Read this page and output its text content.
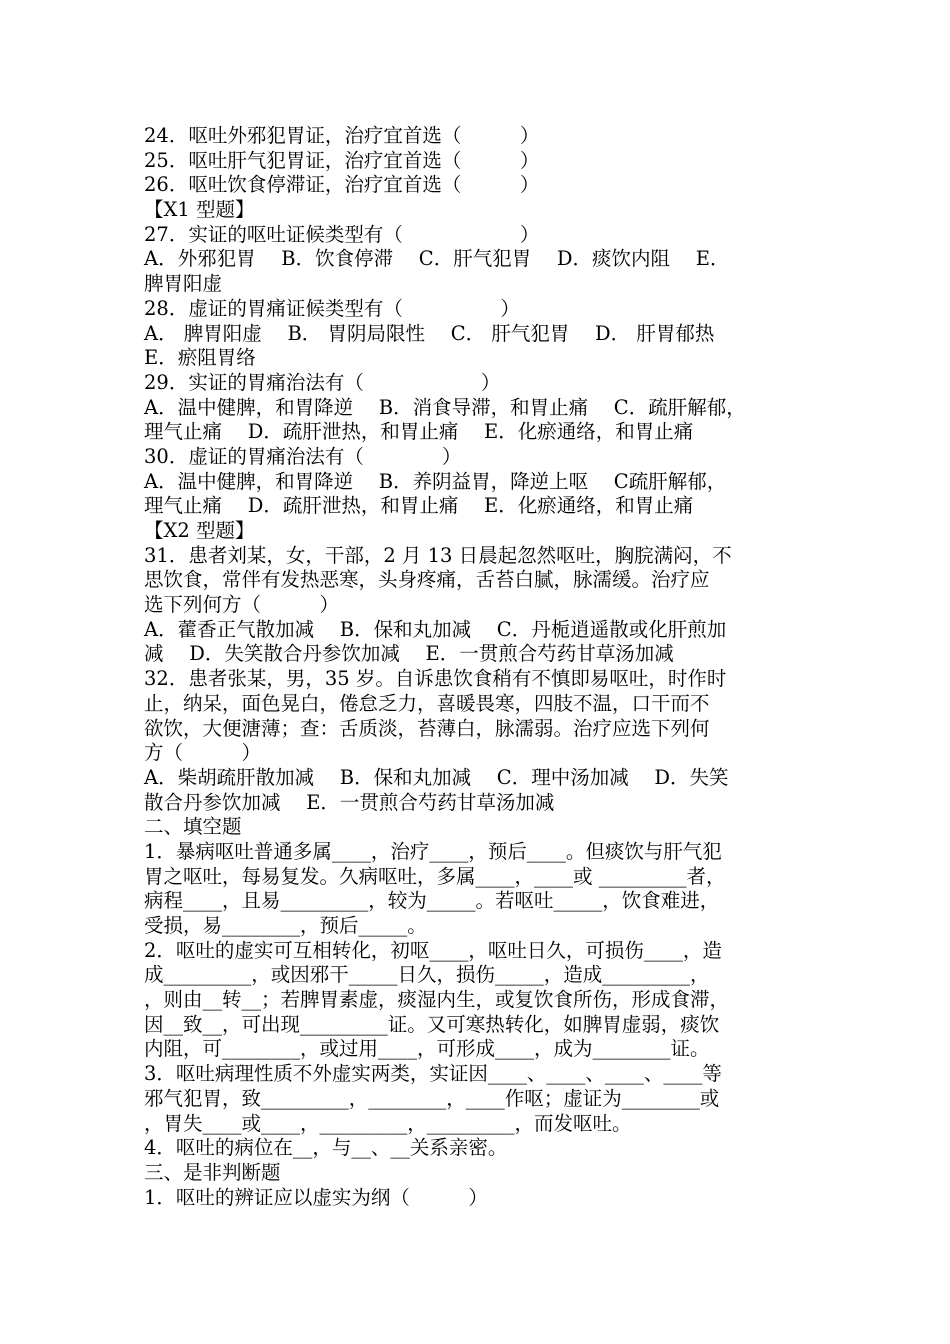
24．呕吐外邪犯胃证，治疗宜首选（　　　）
25．呕吐肝气犯胃证，治疗宜首选（　　　）
26．呕吐饮食停滞证，治疗宜首选（　　　）
【X1 型题】
27．实证的呕吐证候类型有（　　　　　　）
A．外邪犯胃　 B．饮食停滞　 C．肝气犯胃　 D．痰饮内阻　 E．
脾胃阳虚
28．虚证的胃痛证候类型有（　　　　　）
A． 脾胃阳虚　 B． 胃阴局限性　 C． 肝气犯胃　 D． 肝胃郁热
E．瘀阻胃络
29．实证的胃痛治法有（　　　　　　）
A．温中健脾，和胃降逆　 B．消食导滞，和胃止痛　 C．疏肝解郁，
理气止痛　 D．疏肝泄热，和胃止痛　 E．化瘀通络，和胃止痛
30．虚证的胃痛治法有（　　　　）
A．温中健脾，和胃降逆　 B．养阴益胃，降逆上呕　 C疏肝解郁，
理气止痛　 D．疏肝泄热，和胃止痛　 E．化瘀通络，和胃止痛
【X2 型题】
31．患者刘某，女，干部，2 月 13 日晨起忽然呕吐，胸脘满闷，不
思饮食，常伴有发热恶寒，头身疼痛，舌苔白腻，脉濡缓。治疗应
选下列何方（　　　）
A．藿香正气散加减　 B．保和丸加减　 C．丹栀逍遥散或化肝煎加
减　 D．失笑散合丹参饮加减　 E．一贯煎合芍药甘草汤加减
32．患者张某，男，35 岁。自诉患饮食稍有不慎即易呕吐，时作时
止，纳呆，面色晃白，倦怠乏力，喜暖畏寒，四肢不温，口干而不
欲饮，大便溏薄；查：舌质淡，苔薄白，脉濡弱。治疗应选下列何
方（　　　）
A．柴胡疏肝散加减　 B．保和丸加减　 C．理中汤加减　 D．失笑
散合丹参饮加减　 E．一贯煎合芍药甘草汤加减
二、填空题
1．暴病呕吐普通多属____，治疗____，预后____。但痰饮与肝气犯
胃之呕吐，每易复发。久病呕吐，多属____，____或 _________者，
病程____，且易_________，较为_____。若呕吐_____，饮食难进，
受损，易________，预后_____。
2．呕吐的虚实可互相转化，初呕____，呕吐日久，可损伤____，造
成_________，或因邪干_____日久，损伤_____，造成_________，
，则由__转__；若脾胃素虚，痰湿内生，或复饮食所伤，形成食滞，
因__致__，可出现_________证。又可寒热转化，如脾胃虚弱，痰饮
内阻，可________，或过用____，可形成____，成为________证。
3．呕吐病理性质不外虚实两类，实证因____、____、____、____等
邪气犯胃，致_________，________，____作呕；虚证为________或
，胃失____或____，_________，_________，而发呕吐。
4．呕吐的病位在__，与__、__关系亲密。
三、是非判断题
1．呕吐的辨证应以虚实为纲（　　　）
